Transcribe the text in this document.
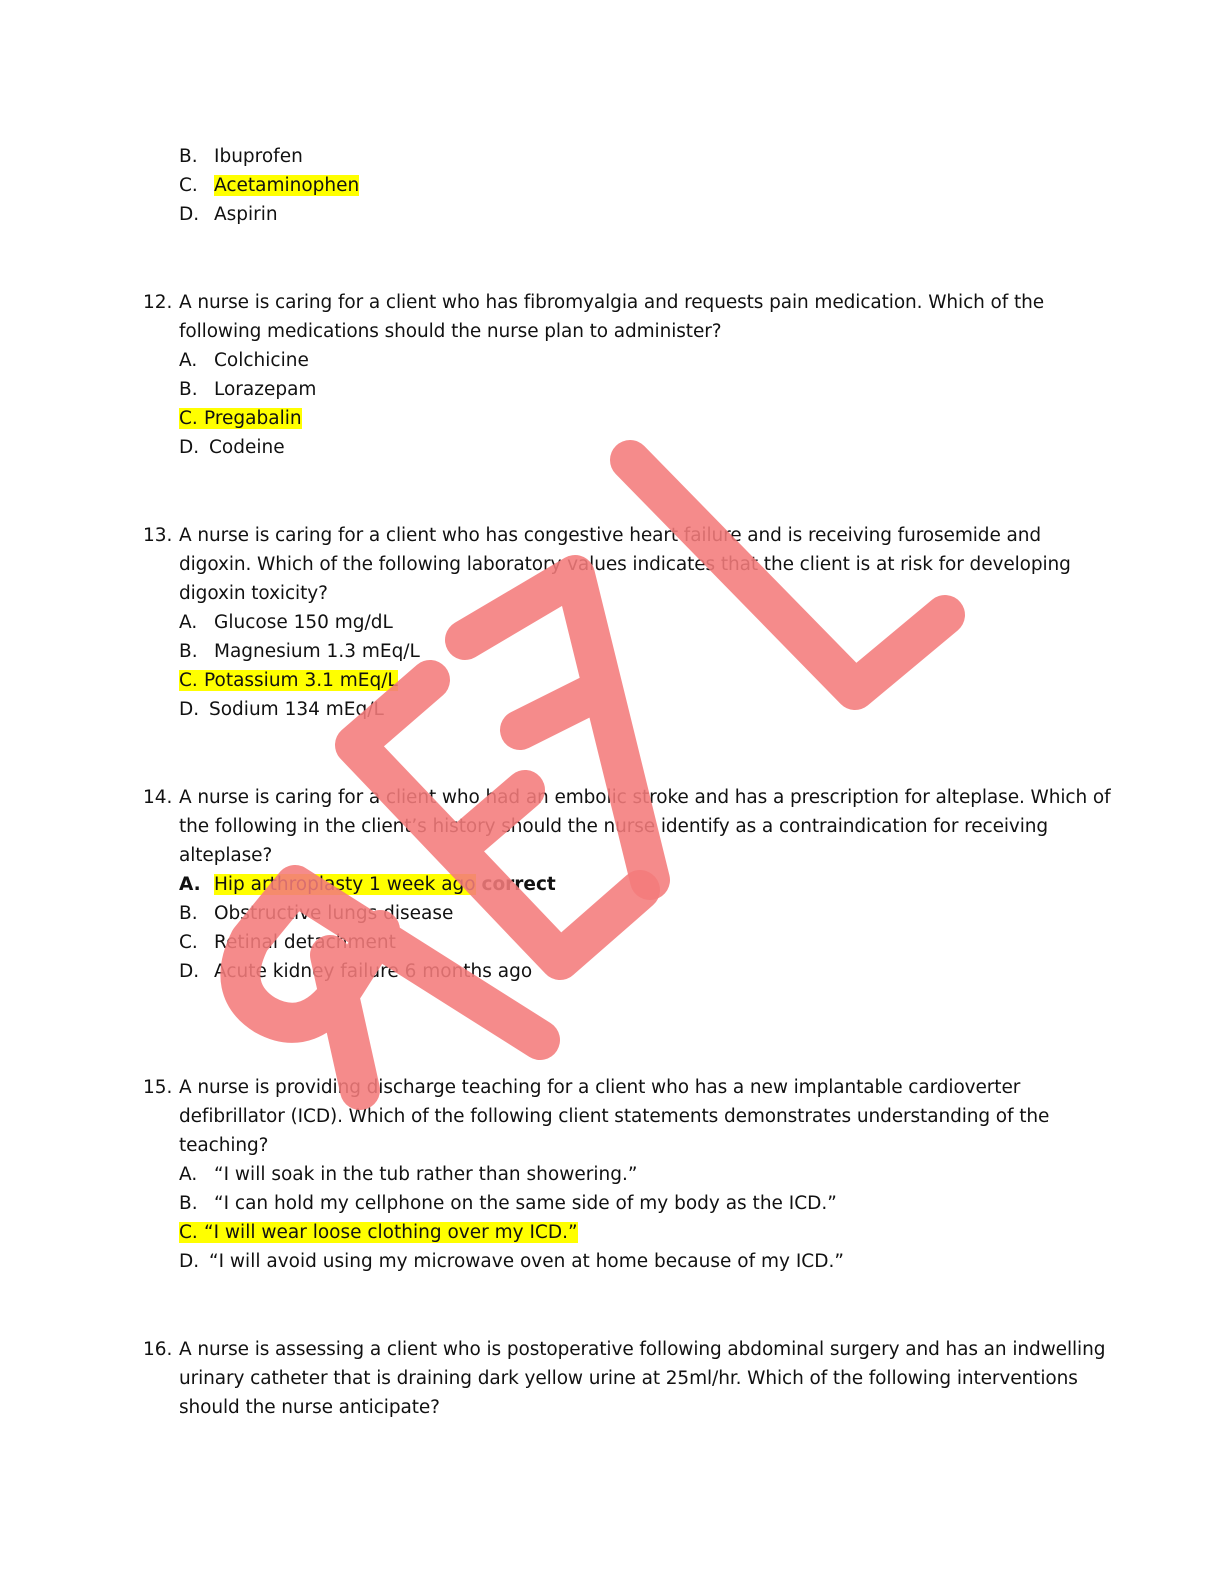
B. Ibuprofen
C. Acetaminophen
D. Aspirin
12. A nurse is caring for a client who has fibromyalgia and requests pain medication. Which of the
following medications should the nurse plan to administer?
A. Colchicine
B. Lorazepam
C. Pregabalin
D. Codeine
13. A nurse is caring for a client who has congestive heart failure and is receiving furosemide and
digoxin. Which of the following laboratory values indicates that the client is at risk for developing
digoxin toxicity?
A. Glucose 150 mg/dL
B. Magnesium 1.3 mEq/L
C. Potassium 3.1 mEq/L
D. Sodium 134 mEq/L
14. A nurse is caring for a client who had an embolic stroke and has a prescription for alteplase. Which of
the following in the client’s history should the nurse identify as a contraindication for receiving
alteplase?
A. Hip arthroplasty 1 week ago correct
B. Obstructive lungs disease
C. Retinal detachment
D. Acute kidney failure 6 months ago
15. A nurse is providing discharge teaching for a client who has a new implantable cardioverter
defibrillator (ICD). Which of the following client statements demonstrates understanding of the
teaching?
A. “I will soak in the tub rather than showering.”
B. “I can hold my cellphone on the same side of my body as the ICD.”
C. “I will wear loose clothing over my ICD.”
D. “I will avoid using my microwave oven at home because of my ICD.”
16. A nurse is assessing a client who is postoperative following abdominal surgery and has an indwelling
urinary catheter that is draining dark yellow urine at 25ml/hr. Which of the following interventions
should the nurse anticipate?
